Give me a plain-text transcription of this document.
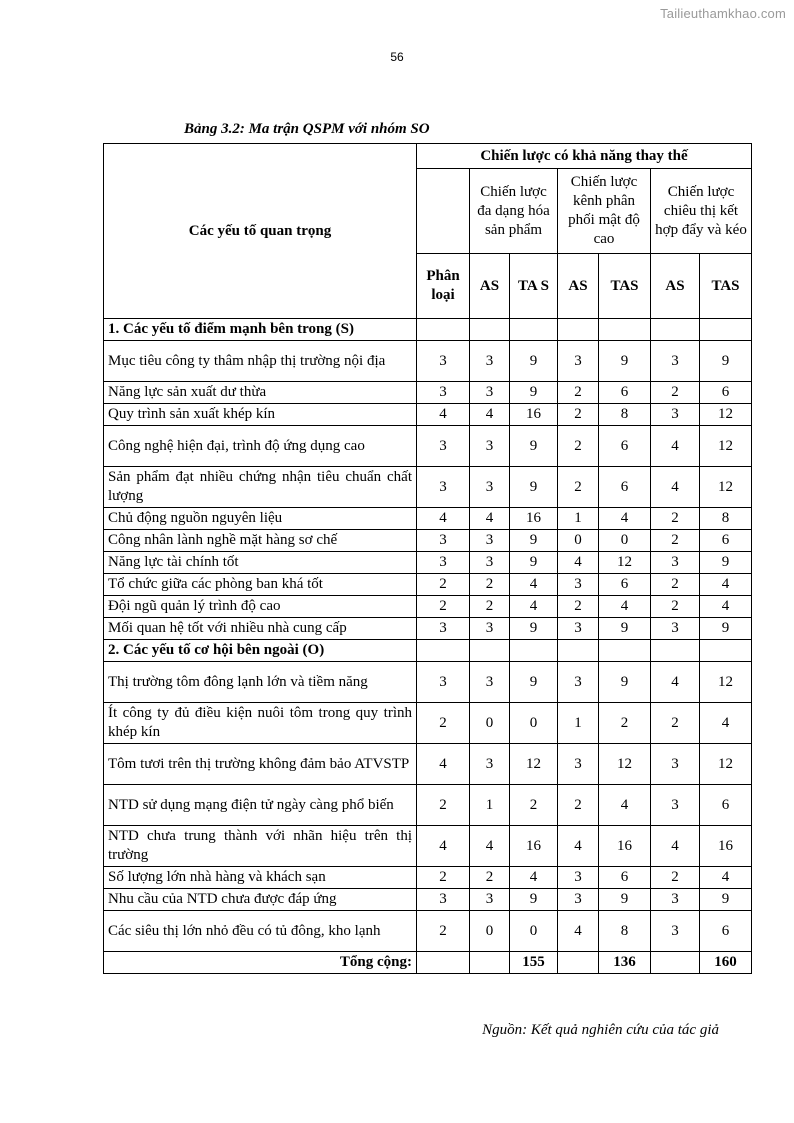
Tailieuthamkhao.com
56
Bảng 3.2: Ma trận QSPM với nhóm SO
Các yếu tố quan trọng	Chiến lược có khả năng thay thế						
		Chiến lược đa dạng hóa sản phẩm		Chiến lược kênh phân phối mật độ cao		Chiến lược chiêu thị kết hợp đẩy và kéo	
	Phân loại	AS	TA S	AS	TAS	AS	TAS
1. Các yếu tố điểm mạnh bên trong (S)							
Mục tiêu công ty thâm nhập thị trường nội địa	3	3	9	3	9	3	9
Năng lực sản xuất dư thừa	3	3	9	2	6	2	6
Quy trình sản xuất khép kín	4	4	16	2	8	3	12
Công nghệ hiện đại, trình độ ứng dụng cao	3	3	9	2	6	4	12
Sản phẩm đạt nhiều chứng nhận tiêu chuẩn chất lượng	3	3	9	2	6	4	12
Chủ động nguồn nguyên liệu	4	4	16	1	4	2	8
Công nhân lành nghề mặt hàng sơ chế	3	3	9	0	0	2	6
Năng lực tài chính tốt	3	3	9	4	12	3	9
Tổ chức giữa các phòng ban khá tốt	2	2	4	3	6	2	4
Đội ngũ quản lý trình độ cao	2	2	4	2	4	2	4
Mối quan hệ tốt với nhiều nhà cung cấp	3	3	9	3	9	3	9
2. Các yếu tố cơ hội bên ngoài (O)							
Thị trường tôm đông lạnh lớn và tiềm năng	3	3	9	3	9	4	12
Ít công ty đủ điều kiện nuôi tôm trong quy trình khép kín	2	0	0	1	2	2	4
Tôm tươi trên thị trường không đảm bảo ATVSTP	4	3	12	3	12	3	12
NTD sử dụng mạng điện tử ngày càng phổ biến	2	1	2	2	4	3	6
NTD chưa trung thành với nhãn hiệu trên thị trường	4	4	16	4	16	4	16
Số lượng lớn nhà hàng và khách sạn	2	2	4	3	6	2	4
Nhu cầu của NTD chưa được đáp ứng	3	3	9	3	9	3	9
Các siêu thị lớn nhỏ đều có tủ đông, kho lạnh	2	0	0	4	8	3	6
Tổng cộng:			155		136		160
Nguồn: Kết quả nghiên cứu của tác giả
